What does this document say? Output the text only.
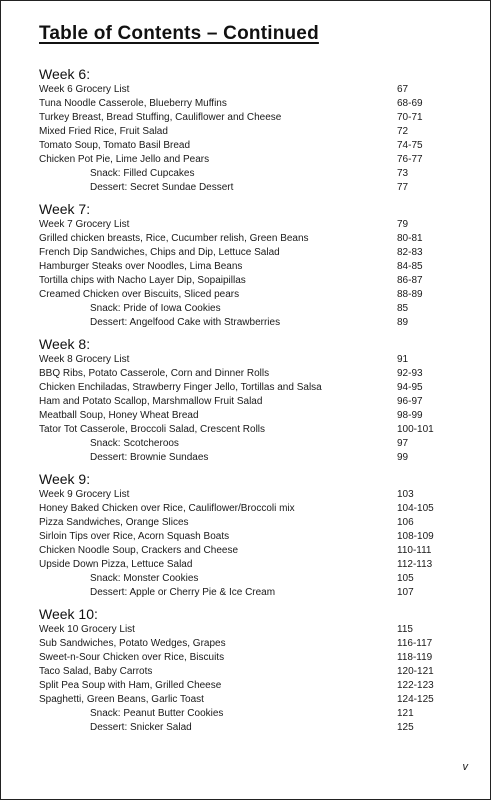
Table of Contents – Continued
Week 6:
Week 6 Grocery List	67
Tuna Noodle Casserole, Blueberry Muffins	68-69
Turkey Breast, Bread Stuffing, Cauliflower and Cheese	70-71
Mixed Fried Rice, Fruit Salad	72
Tomato Soup, Tomato Basil Bread	74-75
Chicken Pot Pie, Lime Jello and Pears	76-77
Snack: Filled Cupcakes	73
Dessert: Secret Sundae Dessert	77
Week 7:
Week 7 Grocery List	79
Grilled chicken breasts, Rice, Cucumber relish, Green Beans	80-81
French Dip Sandwiches, Chips and Dip, Lettuce Salad	82-83
Hamburger Steaks over Noodles, Lima Beans	84-85
Tortilla chips with Nacho Layer Dip, Sopaipillas	86-87
Creamed Chicken over Biscuits, Sliced pears	88-89
Snack: Pride of Iowa Cookies	85
Dessert: Angelfood Cake with Strawberries	89
Week 8:
Week 8 Grocery List	91
BBQ Ribs, Potato Casserole, Corn and Dinner Rolls	92-93
Chicken Enchiladas, Strawberry Finger Jello, Tortillas and Salsa	94-95
Ham and Potato Scallop, Marshmallow Fruit Salad	96-97
Meatball Soup, Honey Wheat Bread	98-99
Tator Tot Casserole, Broccoli Salad, Crescent Rolls	100-101
Snack: Scotcheroos	97
Dessert: Brownie Sundaes	99
Week 9:
Week 9 Grocery List	103
Honey Baked Chicken over Rice, Cauliflower/Broccoli mix	104-105
Pizza Sandwiches, Orange Slices	106
Sirloin Tips over Rice, Acorn Squash Boats	108-109
Chicken Noodle Soup, Crackers and Cheese	110-111
Upside Down Pizza, Lettuce Salad	112-113
Snack: Monster Cookies	105
Dessert: Apple or Cherry Pie & Ice Cream	107
Week 10:
Week 10 Grocery List	115
Sub Sandwiches, Potato Wedges, Grapes	116-117
Sweet-n-Sour Chicken over Rice, Biscuits	118-119
Taco Salad, Baby Carrots	120-121
Split Pea Soup with Ham, Grilled Cheese	122-123
Spaghetti, Green Beans, Garlic Toast	124-125
Snack: Peanut Butter Cookies	121
Dessert: Snicker Salad	125
v
